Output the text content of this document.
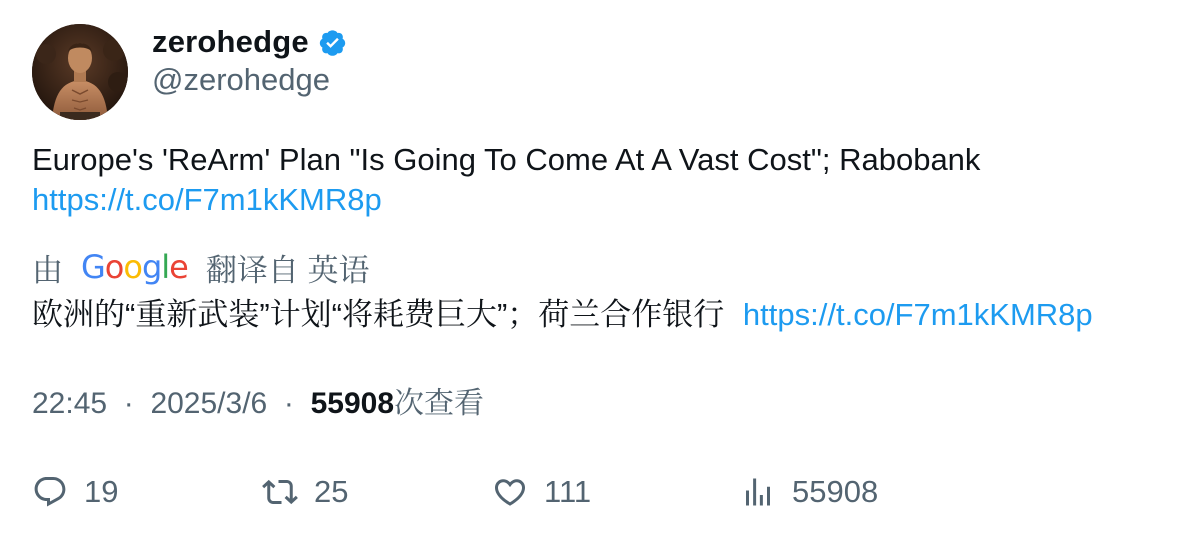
zerohedge
@zerohedge
Europe's 'ReArm' Plan "Is Going To Come At A Vast Cost"; Rabobank
https://t.co/F7m1kKMR8p
由 Google 翻译自 英语
欧洲的“重新武装”计划“将耗费巨大”；荷兰合作银行 https://t.co/F7m1kKMR8p
22:45  ·  2025/3/6  ·  55908次查看
19	25	111	55908
